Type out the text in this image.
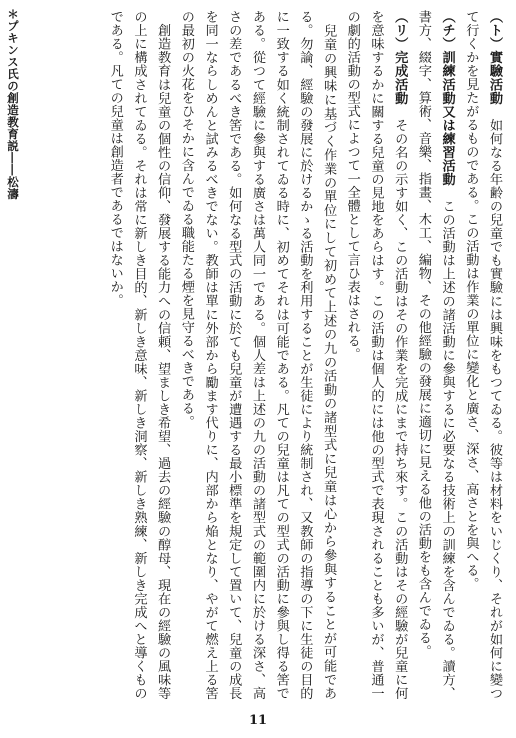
＊プキンス氏の創造教育説――松濤	（ト）實驗活動　如何なる年齢の兒童でも實驗には興味をもつてゐる。彼等は材料をいじくり、それが如何に變つて行くかを見たがるものである。この活動は作業の單位に變化と廣さ、深さ、高さとを與へる。

（チ）訓練活動又は練習活動　この活動は上述の諸活動に參與するに必要なる技術上の訓練を含んでゐる。讀方、書方、綴字、算術、音樂、指畫、木工、編物、その他經驗の發展に適切に見える他の活動をも含んでゐる。

（リ）完成活動　その名の示す如く、この活動はその作業を完成にまで持ち來す。この活動はその經驗が兒童に何を意味するかに關する兒童の見地をあらはす。この活動は個人的には他の型式で表現されることも多いが、普通一の劇的活動の型式によつて一全體として言ひ表はされる。

　兒童の興味に基づく作業の單位にして初めて上述の九の活動の諸型式に兒童は心から參與することが可能である。勿論、經驗の發展に於けるかゝる活動を利用することが生徒により統制され、又教師の指導の下に生徒の目的に一致する如く統制されてゐる時に、初めてそれは可能である。凡ての兒童は凡ての型式の活動に參與し得る筈である。從つて經驗に參與する廣さは萬人同一である。個人差は上述の九の活動の諸型式の範圍内に於ける深さ、高さの差であるべき筈である。如何なる型式の活動に於ても兒童が遭遇する最小標準を規定して置いて、兒童の成長を同一ならしめんと試みるべきでない。教師は單に外部から勵ます代りに、内部から焔となり、やがて燃え上る筈の最初の火花をひそかに含んでゐる職能たる煙を見守るべきである。

　創造教育は兒童の個性の信仰、發展する能力への信頼、望ましき希望、過去の經驗の醇母、現在の經驗の風味等の上に構成されてゐる。それは常に新しき目的、新しき意味、新しき洞察、新しき熟練、新しき完成へと導くものである。凡ての兒童は創造者であるではないか。

11
